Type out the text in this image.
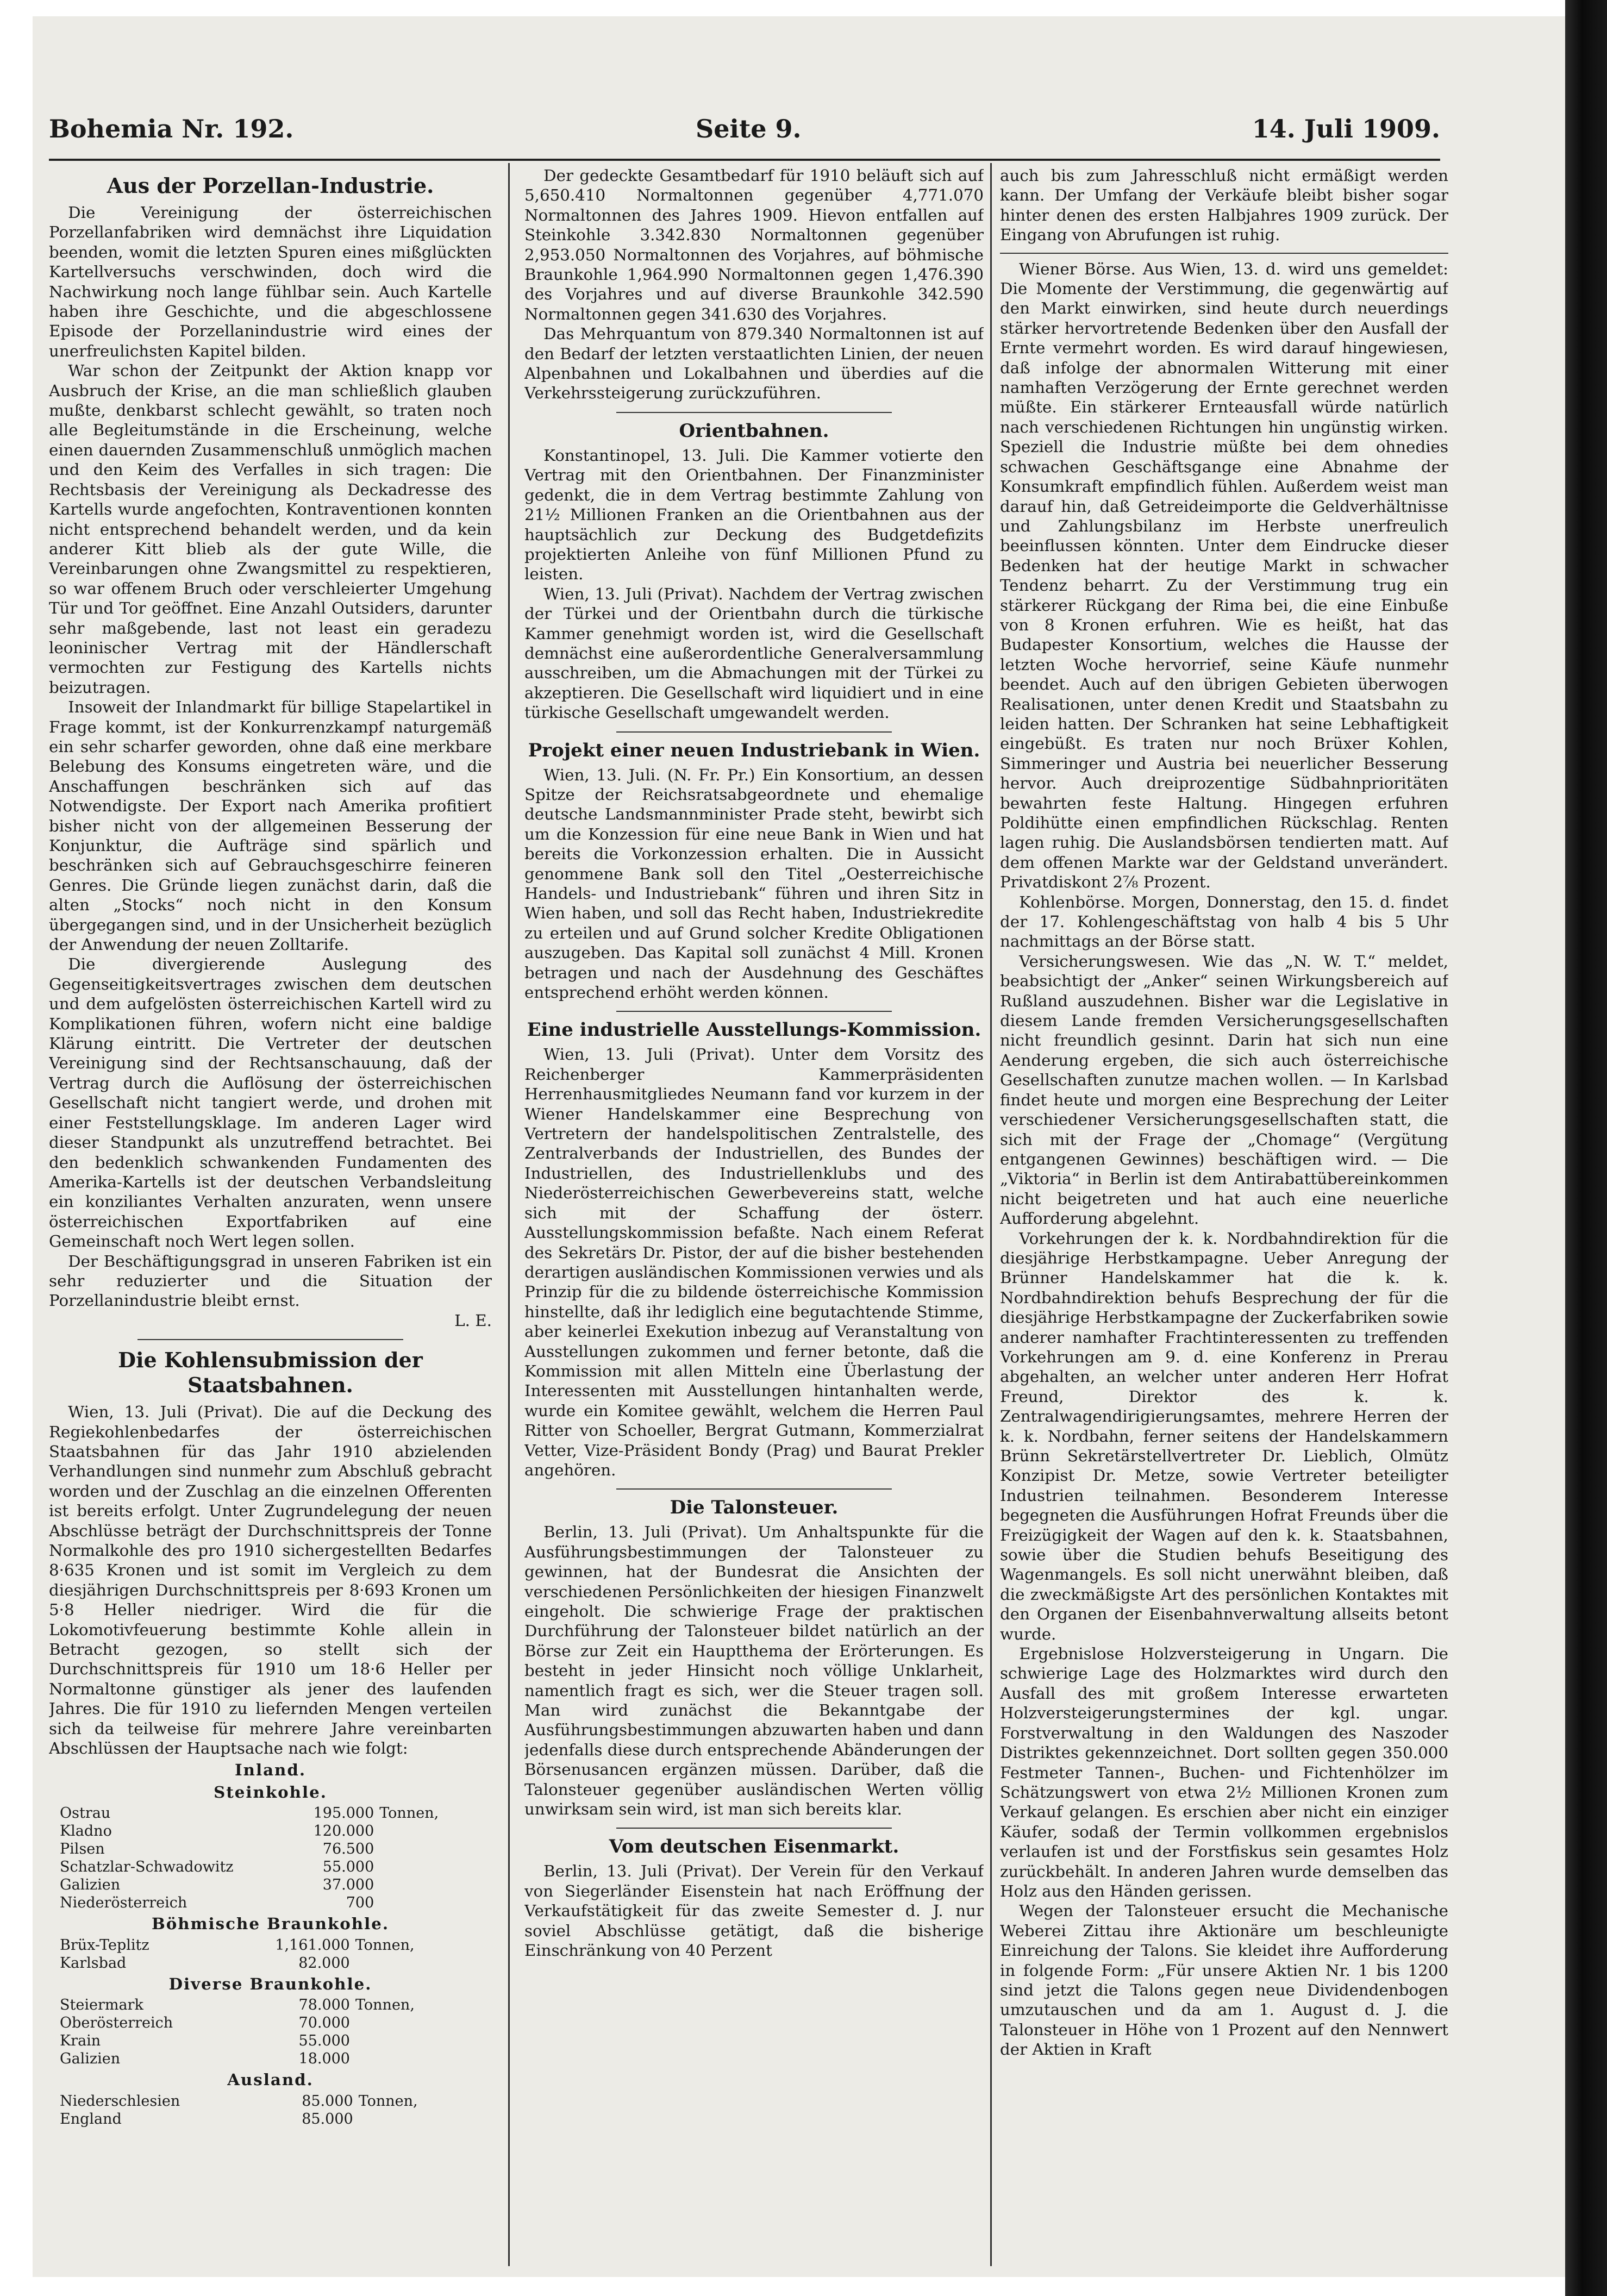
Bohemia Nr. 192.	Seite 9.	14. Juli 1909.
Aus der Porzellan-Industrie.

Die Vereinigung der österreichischen Porzellanfabriken wird demnächst ihre Liquidation beenden, womit die letzten Spuren eines mißglückten Kartellversuchs verschwinden, doch wird die Nachwirkung noch lange fühlbar sein. Auch Kartelle haben ihre Geschichte, und die abgeschlossene Episode der Porzellanindustrie wird eines der unerfreulichsten Kapitel bilden.

War schon der Zeitpunkt der Aktion knapp vor Ausbruch der Krise, an die man schließlich glauben mußte, denkbarst schlecht gewählt, so traten noch alle Begleitumstände in die Erscheinung, welche einen dauernden Zusammenschluß unmöglich machen und den Keim des Verfalles in sich tragen: Die Rechtsbasis der Vereinigung als Deckadresse des Kartells wurde angefochten, Kontraventionen konnten nicht entsprechend behandelt werden, und da kein anderer Kitt blieb als der gute Wille, die Vereinbarungen ohne Zwangsmittel zu respektieren, so war offenem Bruch oder verschleierter Umgehung Tür und Tor geöffnet. Eine Anzahl Outsiders, darunter sehr maßgebende, last not least ein geradezu leoninischer Vertrag mit der Händlerschaft vermochten zur Festigung des Kartells nichts beizutragen.

Insoweit der Inlandmarkt für billige Stapelartikel in Frage kommt, ist der Konkurrenzkampf naturgemäß ein sehr scharfer geworden, ohne daß eine merkbare Belebung des Konsums eingetreten wäre, und die Anschaffungen beschränken sich auf das Notwendigste. Der Export nach Amerika profitiert bisher nicht von der allgemeinen Besserung der Konjunktur, die Aufträge sind spärlich und beschränken sich auf Gebrauchsgeschirre feineren Genres. Die Gründe liegen zunächst darin, daß die alten „Stocks“ noch nicht in den Konsum übergegangen sind, und in der Unsicherheit bezüglich der Anwendung der neuen Zolltarife.

Die divergierende Auslegung des Gegenseitigkeitsvertrages zwischen dem deutschen und dem aufgelösten österreichischen Kartell wird zu Komplikationen führen, wofern nicht eine baldige Klärung eintritt. Die Vertreter der deutschen Vereinigung sind der Rechtsanschauung, daß der Vertrag durch die Auflösung der österreichischen Gesellschaft nicht tangiert werde, und drohen mit einer Feststellungsklage. Im anderen Lager wird dieser Standpunkt als unzutreffend betrachtet. Bei den bedenklich schwankenden Fundamenten des Amerika-Kartells ist der deutschen Verbandsleitung ein konziliantes Verhalten anzuraten, wenn unsere österreichischen Exportfabriken auf eine Gemeinschaft noch Wert legen sollen.

Der Beschäftigungsgrad in unseren Fabriken ist ein sehr reduzierter und die Situation der Porzellanindustrie bleibt ernst.

L. E.
Die Kohlensubmission der Staatsbahnen.

Wien, 13. Juli (Privat). Die auf die Deckung des Regiekohlenbedarfes der österreichischen Staatsbahnen für das Jahr 1910 abzielenden Verhandlungen sind nunmehr zum Abschluß gebracht worden und der Zuschlag an die einzelnen Offerenten ist bereits erfolgt. Unter Zugrundelegung der neuen Abschlüsse beträgt der Durchschnittspreis der Tonne Normalkohle des pro 1910 sichergestellten Bedarfes 8·635 Kronen und ist somit im Vergleich zu dem diesjährigen Durchschnittspreis per 8·693 Kronen um 5·8 Heller niedriger. Wird die für die Lokomotivfeuerung bestimmte Kohle allein in Betracht gezogen, so stellt sich der Durchschnittspreis für 1910 um 18·6 Heller per Normaltonne günstiger als jener des laufenden Jahres. Die für 1910 zu liefernden Mengen verteilen sich da teilweise für mehrere Jahre vereinbarten Abschlüssen der Hauptsache nach wie folgt:

Inland.
Steinkohle.
Ostrau	195.000	Tonnen,
Kladno	120.000	
Pilsen	76.500	
Schatzlar-Schwadowitz	55.000	
Galizien	37.000	
Niederösterreich	700	
Böhmische Braunkohle.
Brüx-Teplitz	1,161.000	Tonnen,
Karlsbad	82.000	
Diverse Braunkohle.
Steiermark	78.000	Tonnen,
Oberösterreich	70.000	
Krain	55.000	
Galizien	18.000	
Ausland.
Niederschlesien	85.000	Tonnen,
England	85.000	

Der gedeckte Gesamtbedarf für 1910 beläuft sich auf 5,650.410 Normaltonnen gegenüber 4,771.070 Normaltonnen des Jahres 1909. Hievon entfallen auf Steinkohle 3.342.830 Normaltonnen gegenüber 2,953.050 Normaltonnen des Vorjahres, auf böhmische Braunkohle 1,964.990 Normaltonnen gegen 1,476.390 des Vorjahres und auf diverse Braunkohle 342.590 Normaltonnen gegen 341.630 des Vorjahres.

Das Mehrquantum von 879.340 Normaltonnen ist auf den Bedarf der letzten verstaatlichten Linien, der neuen Alpenbahnen und Lokalbahnen und überdies auf die Verkehrssteigerung zurückzuführen.

Orientbahnen.

Konstantinopel, 13. Juli. Die Kammer votierte den Vertrag mit den Orientbahnen. Der Finanzminister gedenkt, die in dem Vertrag bestimmte Zahlung von 21½ Millionen Franken an die Orientbahnen aus der hauptsächlich zur Deckung des Budgetdefizits projektierten Anleihe von fünf Millionen Pfund zu leisten.

Wien, 13. Juli (Privat). Nachdem der Vertrag zwischen der Türkei und der Orientbahn durch die türkische Kammer genehmigt worden ist, wird die Gesellschaft demnächst eine außerordentliche Generalversammlung ausschreiben, um die Abmachungen mit der Türkei zu akzeptieren. Die Gesellschaft wird liquidiert und in eine türkische Gesellschaft umgewandelt werden.

Projekt einer neuen Industriebank in Wien.

Wien, 13. Juli. (N. Fr. Pr.) Ein Konsortium, an dessen Spitze der Reichsratsabgeordnete und ehemalige deutsche Landsmannminister Prade steht, bewirbt sich um die Konzession für eine neue Bank in Wien und hat bereits die Vorkonzession erhalten. Die in Aussicht genommene Bank soll den Titel „Oesterreichische Handels- und Industriebank“ führen und ihren Sitz in Wien haben, und soll das Recht haben, Industriekredite zu erteilen und auf Grund solcher Kredite Obligationen auszugeben. Das Kapital soll zunächst 4 Mill. Kronen betragen und nach der Ausdehnung des Geschäftes entsprechend erhöht werden können.

Eine industrielle Ausstellungs-Kommission.

Wien, 13. Juli (Privat). Unter dem Vorsitz des Reichenberger Kammerpräsidenten Herrenhausmitgliedes Neumann fand vor kurzem in der Wiener Handelskammer eine Besprechung von Vertretern der handelspolitischen Zentralstelle, des Zentralverbands der Industriellen, des Bundes der Industriellen, des Industriellenklubs und des Niederösterreichischen Gewerbevereins statt, welche sich mit der Schaffung der österr. Ausstellungskommission befaßte. Nach einem Referat des Sekretärs Dr. Pistor, der auf die bisher bestehenden derartigen ausländischen Kommissionen verwies und als Prinzip für die zu bildende österreichische Kommission hinstellte, daß ihr lediglich eine begutachtende Stimme, aber keinerlei Exekution inbezug auf Veranstaltung von Ausstellungen zukommen und ferner betonte, daß die Kommission mit allen Mitteln eine Überlastung der Interessenten mit Ausstellungen hintanhalten werde, wurde ein Komitee gewählt, welchem die Herren Paul Ritter von Schoeller, Bergrat Gutmann, Kommerzialrat Vetter, Vize-Präsident Bondy (Prag) und Baurat Prekler angehören.

Die Talonsteuer.

Berlin, 13. Juli (Privat). Um Anhaltspunkte für die Ausführungsbestimmungen der Talonsteuer zu gewinnen, hat der Bundesrat die Ansichten der verschiedenen Persönlichkeiten der hiesigen Finanzwelt eingeholt. Die schwierige Frage der praktischen Durchführung der Talonsteuer bildet natürlich an der Börse zur Zeit ein Hauptthema der Erörterungen. Es besteht in jeder Hinsicht noch völlige Unklarheit, namentlich fragt es sich, wer die Steuer tragen soll. Man wird zunächst die Bekanntgabe der Ausführungsbestimmungen abzuwarten haben und dann jedenfalls diese durch entsprechende Abänderungen der Börsenusancen ergänzen müssen. Darüber, daß die Talonsteuer gegenüber ausländischen Werten völlig unwirksam sein wird, ist man sich bereits klar.

Vom deutschen Eisenmarkt.

Berlin, 13. Juli (Privat). Der Verein für den Verkauf von Siegerländer Eisenstein hat nach Eröffnung der Verkaufstätigkeit für das zweite Semester d. J. nur soviel Abschlüsse getätigt, daß die bisherige Einschränkung von 40 Perzent

auch bis zum Jahresschluß nicht ermäßigt werden kann. Der Umfang der Verkäufe bleibt bisher sogar hinter denen des ersten Halbjahres 1909 zurück. Der Eingang von Abrufungen ist ruhig.

Wiener Börse. Aus Wien, 13. d. wird uns gemeldet: Die Momente der Verstimmung, die gegenwärtig auf den Markt einwirken, sind heute durch neuerdings stärker hervortretende Bedenken über den Ausfall der Ernte vermehrt worden. Es wird darauf hingewiesen, daß infolge der abnormalen Witterung mit einer namhaften Verzögerung der Ernte gerechnet werden müßte. Ein stärkerer Ernteausfall würde natürlich nach verschiedenen Richtungen hin ungünstig wirken. Speziell die Industrie müßte bei dem ohnedies schwachen Geschäftsgange eine Abnahme der Konsumkraft empfindlich fühlen. Außerdem weist man darauf hin, daß Getreideimporte die Geldverhältnisse und Zahlungsbilanz im Herbste unerfreulich beeinflussen könnten. Unter dem Eindrucke dieser Bedenken hat der heutige Markt in schwacher Tendenz beharrt. Zu der Verstimmung trug ein stärkerer Rückgang der Rima bei, die eine Einbuße von 8 Kronen erfuhren. Wie es heißt, hat das Budapester Konsortium, welches die Hausse der letzten Woche hervorrief, seine Käufe nunmehr beendet. Auch auf den übrigen Gebieten überwogen Realisationen, unter denen Kredit und Staatsbahn zu leiden hatten. Der Schranken hat seine Lebhaftigkeit eingebüßt. Es traten nur noch Brüxer Kohlen, Simmeringer und Austria bei neuerlicher Besserung hervor. Auch dreiprozentige Südbahnprioritäten bewahrten feste Haltung. Hingegen erfuhren Poldihütte einen empfindlichen Rückschlag. Renten lagen ruhig. Die Auslandsbörsen tendierten matt. Auf dem offenen Markte war der Geldstand unverändert. Privatdiskont 2⅞ Prozent.

Kohlenbörse. Morgen, Donnerstag, den 15. d. findet der 17. Kohlengeschäftstag von halb 4 bis 5 Uhr nachmittags an der Börse statt.

Versicherungswesen. Wie das „N. W. T.“ meldet, beabsichtigt der „Anker“ seinen Wirkungsbereich auf Rußland auszudehnen. Bisher war die Legislative in diesem Lande fremden Versicherungsgesellschaften nicht freundlich gesinnt. Darin hat sich nun eine Aenderung ergeben, die sich auch österreichische Gesellschaften zunutze machen wollen. — In Karlsbad findet heute und morgen eine Besprechung der Leiter verschiedener Versicherungsgesellschaften statt, die sich mit der Frage der „Chomage“ (Vergütung entgangenen Gewinnes) beschäftigen wird. — Die „Viktoria“ in Berlin ist dem Antirabattübereinkommen nicht beigetreten und hat auch eine neuerliche Aufforderung abgelehnt.

Vorkehrungen der k. k. Nordbahndirektion für die diesjährige Herbstkampagne. Ueber Anregung der Brünner Handelskammer hat die k. k. Nordbahndirektion behufs Besprechung der für die diesjährige Herbstkampagne der Zuckerfabriken sowie anderer namhafter Frachtinteressenten zu treffenden Vorkehrungen am 9. d. eine Konferenz in Prerau abgehalten, an welcher unter anderen Herr Hofrat Freund, Direktor des k. k. Zentralwagendirigierungsamtes, mehrere Herren der k. k. Nordbahn, ferner seitens der Handelskammern Brünn Sekretärstellvertreter Dr. Lieblich, Olmütz Konzipist Dr. Metze, sowie Vertreter beteiligter Industrien teilnahmen. Besonderem Interesse begegneten die Ausführungen Hofrat Freunds über die Freizügigkeit der Wagen auf den k. k. Staatsbahnen, sowie über die Studien behufs Beseitigung des Wagenmangels. Es soll nicht unerwähnt bleiben, daß die zweckmäßigste Art des persönlichen Kontaktes mit den Organen der Eisenbahnverwaltung allseits betont wurde.

Ergebnislose Holzversteigerung in Ungarn. Die schwierige Lage des Holzmarktes wird durch den Ausfall des mit großem Interesse erwarteten Holzversteigerungstermines der kgl. ungar. Forstverwaltung in den Waldungen des Naszoder Distriktes gekennzeichnet. Dort sollten gegen 350.000 Festmeter Tannen-, Buchen- und Fichtenhölzer im Schätzungswert von etwa 2½ Millionen Kronen zum Verkauf gelangen. Es erschien aber nicht ein einziger Käufer, sodaß der Termin vollkommen ergebnislos verlaufen ist und der Forstfiskus sein gesamtes Holz zurückbehält. In anderen Jahren wurde demselben das Holz aus den Händen gerissen.

Wegen der Talonsteuer ersucht die Mechanische Weberei Zittau ihre Aktionäre um beschleunigte Einreichung der Talons. Sie kleidet ihre Aufforderung in folgende Form: „Für unsere Aktien Nr. 1 bis 1200 sind jetzt die Talons gegen neue Dividendenbogen umzutauschen und da am 1. August d. J. die Talonsteuer in Höhe von 1 Prozent auf den Nennwert der Aktien in Kraft
